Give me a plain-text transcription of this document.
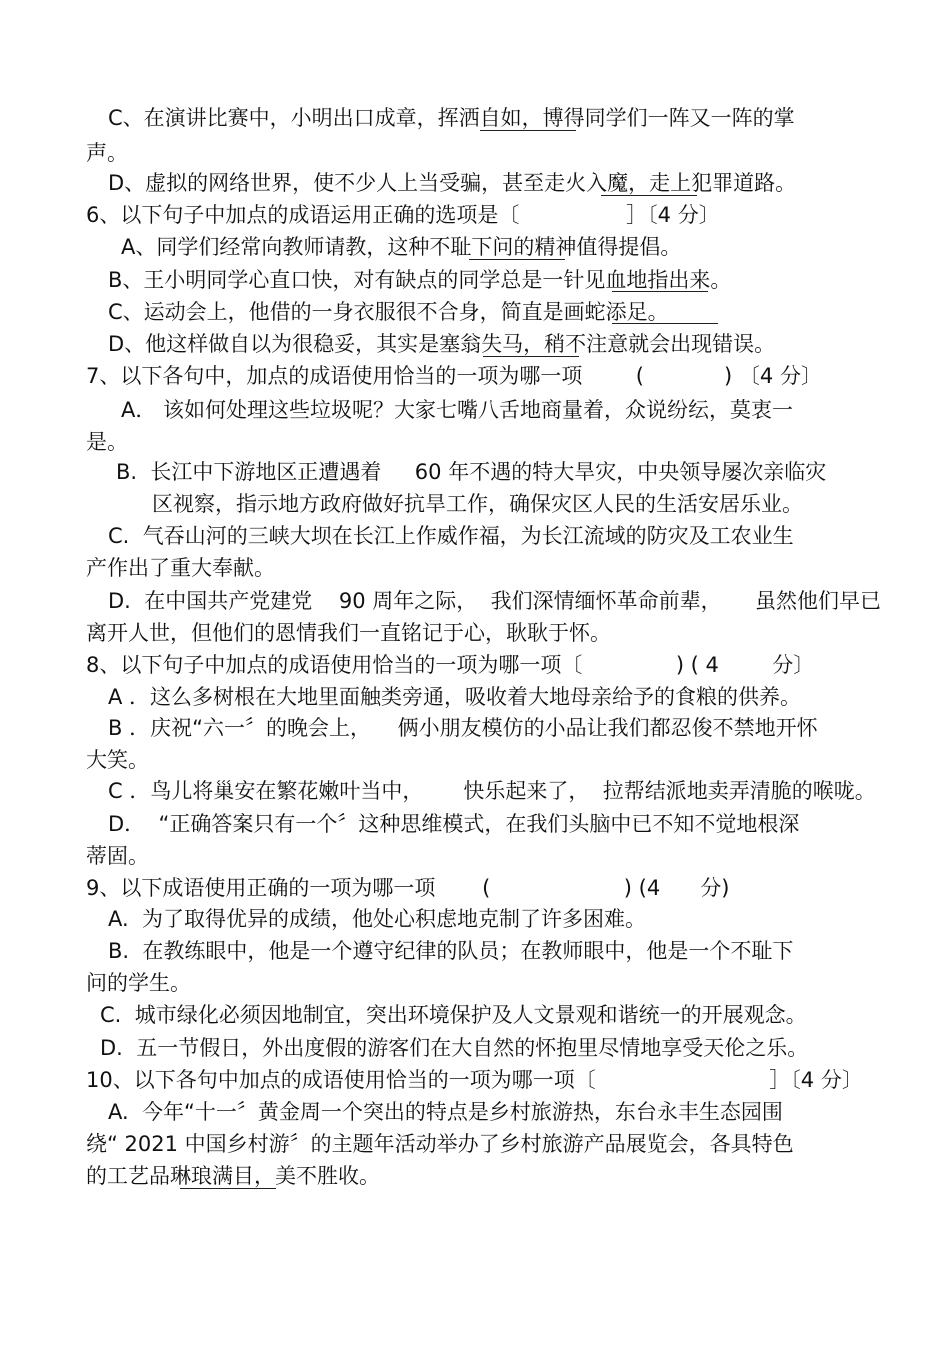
C、在演讲比赛中，小明出口成章，挥洒自如，博得同学们一阵又一阵的掌
声。
D、虚拟的网络世界，使不少人上当受骗，甚至走火入魔，走上犯罪道路。
6、以下句子中加点的成语运用正确的选项是〔                ］〔4 分〕
A、同学们经常向教师请教，这种不耻下问的精神值得提倡。
B、王小明同学心直口快，对有缺点的同学总是一针见血地指出来。
C、运动会上，他借的一身衣服很不合身，简直是画蛇添足。
D、他这样做自以为很稳妥，其实是塞翁失马，稍不注意就会出现错误。
7、以下各句中，加点的成语使用恰当的一项为哪一项        (            ) 〔4 分〕
A． 该如何处理这些垃圾呢？大家七嘴八舌地商量着，众说纷纭，莫衷一
是。
B.  长江中下游地区正遭遇着     60 年不遇的特大旱灾，中央领导屡次亲临灾
区视察，指示地方政府做好抗旱工作，确保灾区人民的生活安居乐业。
C.  气吞山河的三峡大坝在长江上作威作福，为长江流域的防灾及工农业生
产作出了重大奉献。
D.  在中国共产党建党    90 周年之际，  我们深情缅怀革命前辈，     虽然他们早已
离开人世，但他们的恩情我们一直铭记于心，耿耿于怀。
8、以下句子中加点的成语使用恰当的一项为哪一项〔              ) ( 4        分〕
A ．这么多树根在大地里面触类旁通，吸收着大地母亲给予的食粮的供养。
B ．庆祝“六一〞的晚会上，    俩小朋友模仿的小品让我们都忍俊不禁地开怀
大笑。
C ．鸟儿将巢安在繁花嫩叶当中，      快乐起来了，  拉帮结派地卖弄清脆的喉咙。
D．  “正确答案只有一个〞这种思维模式，在我们头脑中已不知不觉地根深
蒂固。
9、以下成语使用正确的一项为哪一项       (                    ) (4      分)
A.  为了取得优异的成绩，他处心积虑地克制了许多困难。
B.  在教练眼中，他是一个遵守纪律的队员；在教师眼中，他是一个不耻下
问的学生。
C.  城市绿化必须因地制宜，突出环境保护及人文景观和谐统一的开展观念。
D.  五一节假日，外出度假的游客们在大自然的怀抱里尽情地享受天伦之乐。
10、以下各句中加点的成语使用恰当的一项为哪一项〔                          ］〔4 分〕
A.  今年“十一〞黄金周一个突出的特点是乡村旅游热，东台永丰生态园围
绕“ 2021 中国乡村游〞的主题年活动举办了乡村旅游产品展览会，各具特色
的工艺品琳琅满目，美不胜收。
